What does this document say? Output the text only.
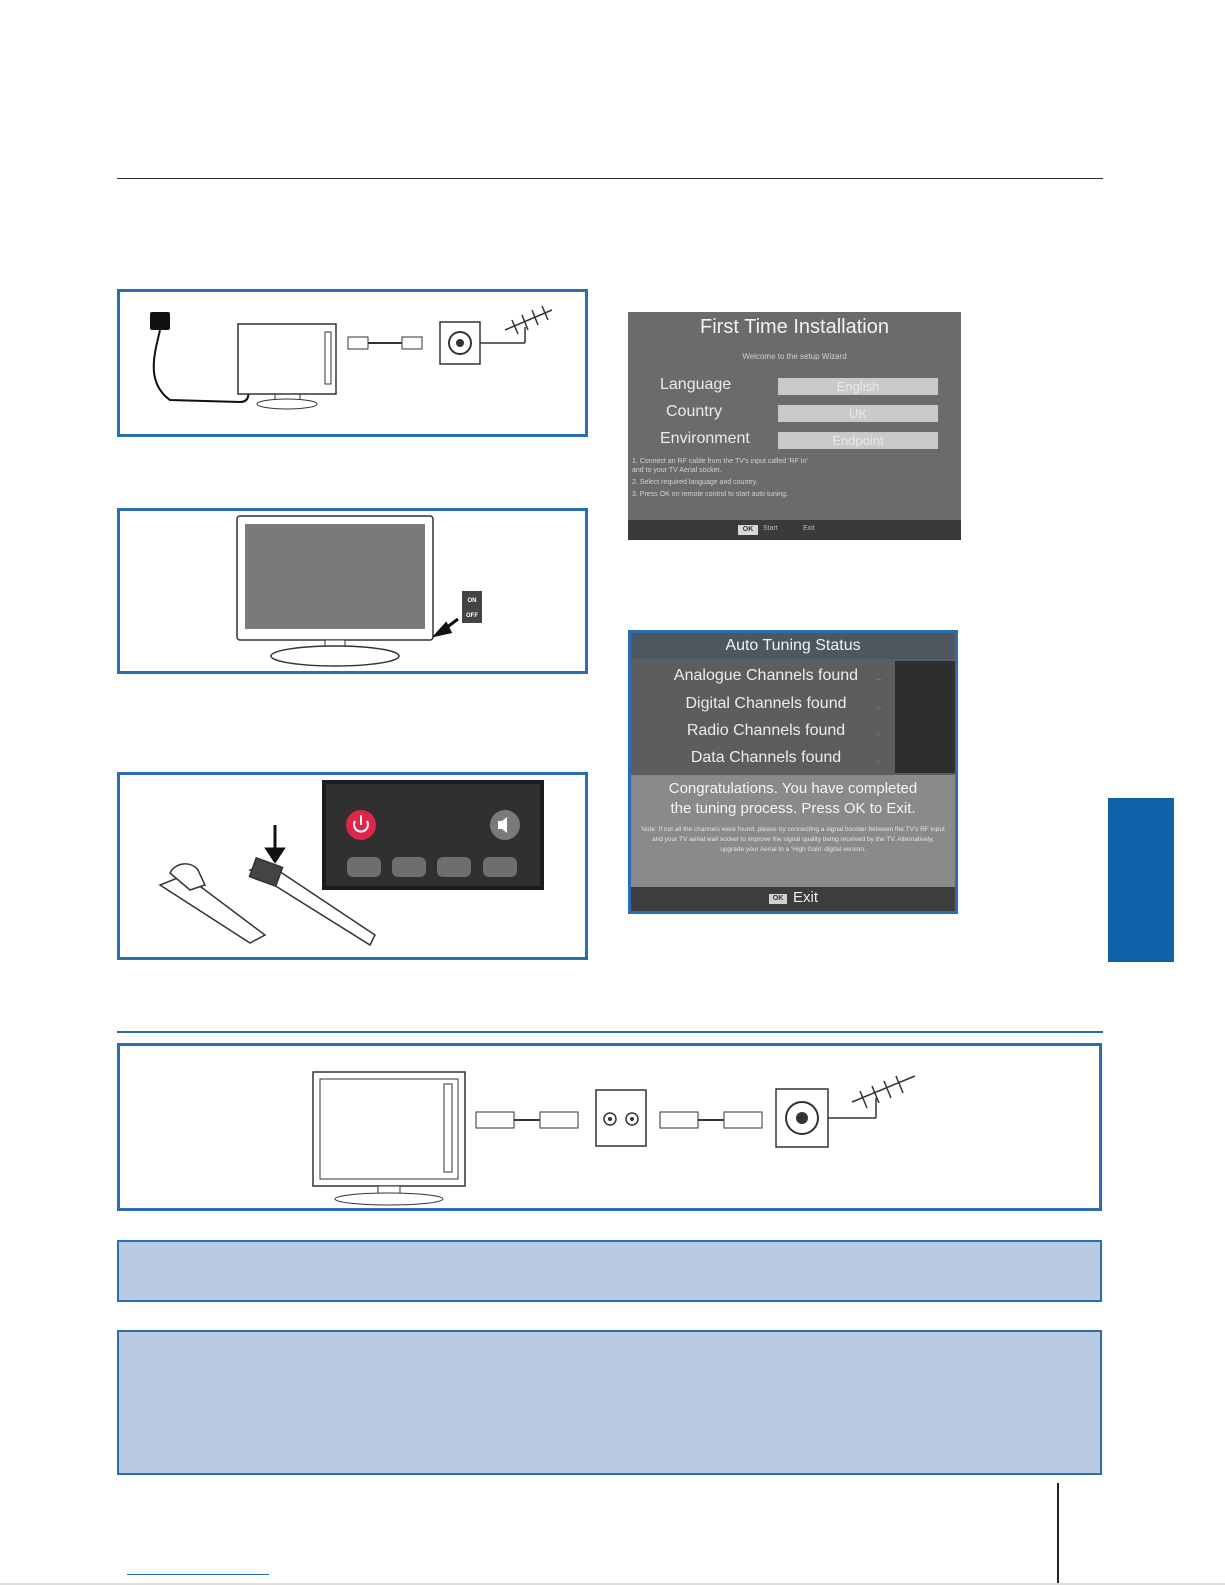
ON
OFF
First Time Installation
Welcome to the setup Wizard
Language	English
Country	UK
Environment	Endpoint
1. Connect an RF cable from the TV's input called 'RF In'
and to your TV Aerial socket.
2. Select required language and country.
3. Press OK on remote control to start auto tuning.
OK	Start	Exit
Auto Tuning Status
Analogue Channels found	...
Digital Channels found	...
Radio Channels found	...
Data Channels found	...
Congratulations. You have completed
the tuning process. Press OK to Exit.
Note: If not all the channels were found, please try connecting a signal booster between the TV's RF input and your TV aerial wall socket to improve the signal quality being received by the TV. Alternatively, upgrade your Aerial to a 'High Gain' digital version.
OK Exit
